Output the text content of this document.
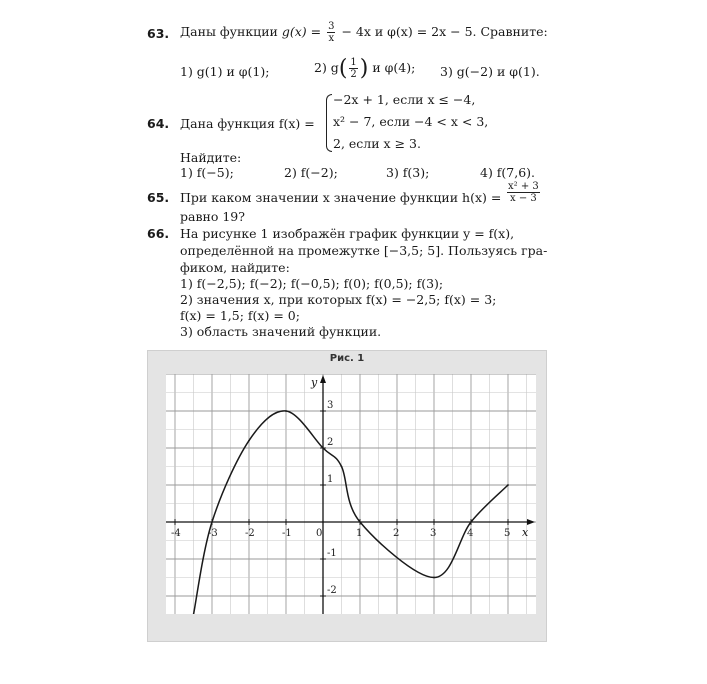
63. Даны функции $g(x) = \frac{3}{x} - 4x$ и φ(x) = 2x − 5. Сравните:
1) g(1) и φ(1);	2) $g( \frac{1}{2}$ ) и φ(4); 3) g(−2) и φ(1).
64. Дана функция f(x) =
−2x + 1, если x ≤ −4,
x² − 7, если −4 < x < 3,
2, если x ≥ 3.
Найдите:
1) f(−5);	2) f(−2);	3) f(3);	4) f(7,6).
65. При каком значении x значение функции $h(x) = \frac{\text{x² + 3}}{x - 3}$
равно 19?
66. На рисунке 1 изображён график функции y = f(x),
определённой на промежутке [−3,5; 5]. Пользуясь гра-
фиком, найдите:
1) f(−2,5); f(−2); f(−0,5); f(0); f(0,5); f(3);
2) значения x, при которых f(x) = −2,5; f(x) = 3;
f(x) = 1,5; f(x) = 0;
3) область значений функции.
Рис. 1
-4	-3	-2	-1 0	1	2	3	4	5
3
2
1
-1
-2
x
y
